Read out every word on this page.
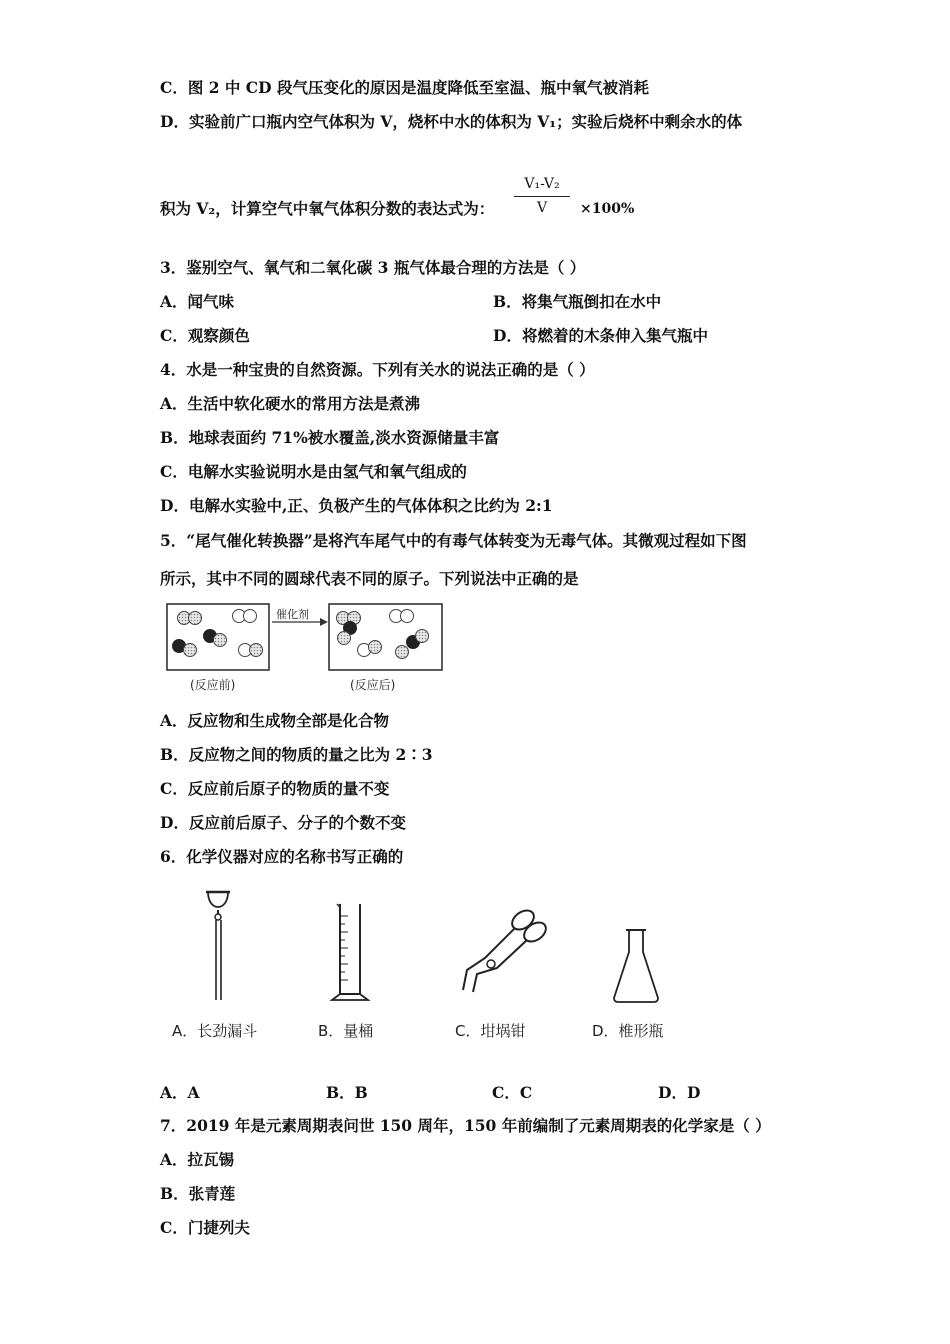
C．图 2 中 CD 段气压变化的原因是温度降低至室温、瓶中氧气被消耗
D．实验前广口瓶内空气体积为 V，烧杯中水的体积为 V₁；实验后烧杯中剩余水的体
积为 V₂，计算空气中氧气体积分数的表达式为：
V₁-V₂
V	×100%
3．鉴别空气、氧气和二氧化碳 3 瓶气体最合理的方法是（ ）
A．闻气味	B．将集气瓶倒扣在水中
C．观察颜色	D．将燃着的木条伸入集气瓶中
4．水是一种宝贵的自然资源。下列有关水的说法正确的是（ ）
A．生活中软化硬水的常用方法是煮沸
B．地球表面约 71%被水覆盖,淡水资源储量丰富
C．电解水实验说明水是由氢气和氧气组成的
D．电解水实验中,正、负极产生的气体体积之比约为 2:1
5．“尾气催化转换器”是将汽车尾气中的有毒气体转变为无毒气体。其微观过程如下图
所示，其中不同的圆球代表不同的原子。下列说法中正确的是
催化剂
(反应前)	(反应后)
A．反应物和生成物全部是化合物
B．反应物之间的物质的量之比为 2∶3
C．反应前后原子的物质的量不变
D．反应前后原子、分子的个数不变
6．化学仪器对应的名称书写正确的
A．长劲漏斗	B．量桶	C．坩埚钳	D．椎形瓶
A．A	B．B	C．C	D．D
7．2019 年是元素周期表问世 150 周年，150 年前编制了元素周期表的化学家是（ ）
A．拉瓦锡
B．张青莲
C．门捷列夫
